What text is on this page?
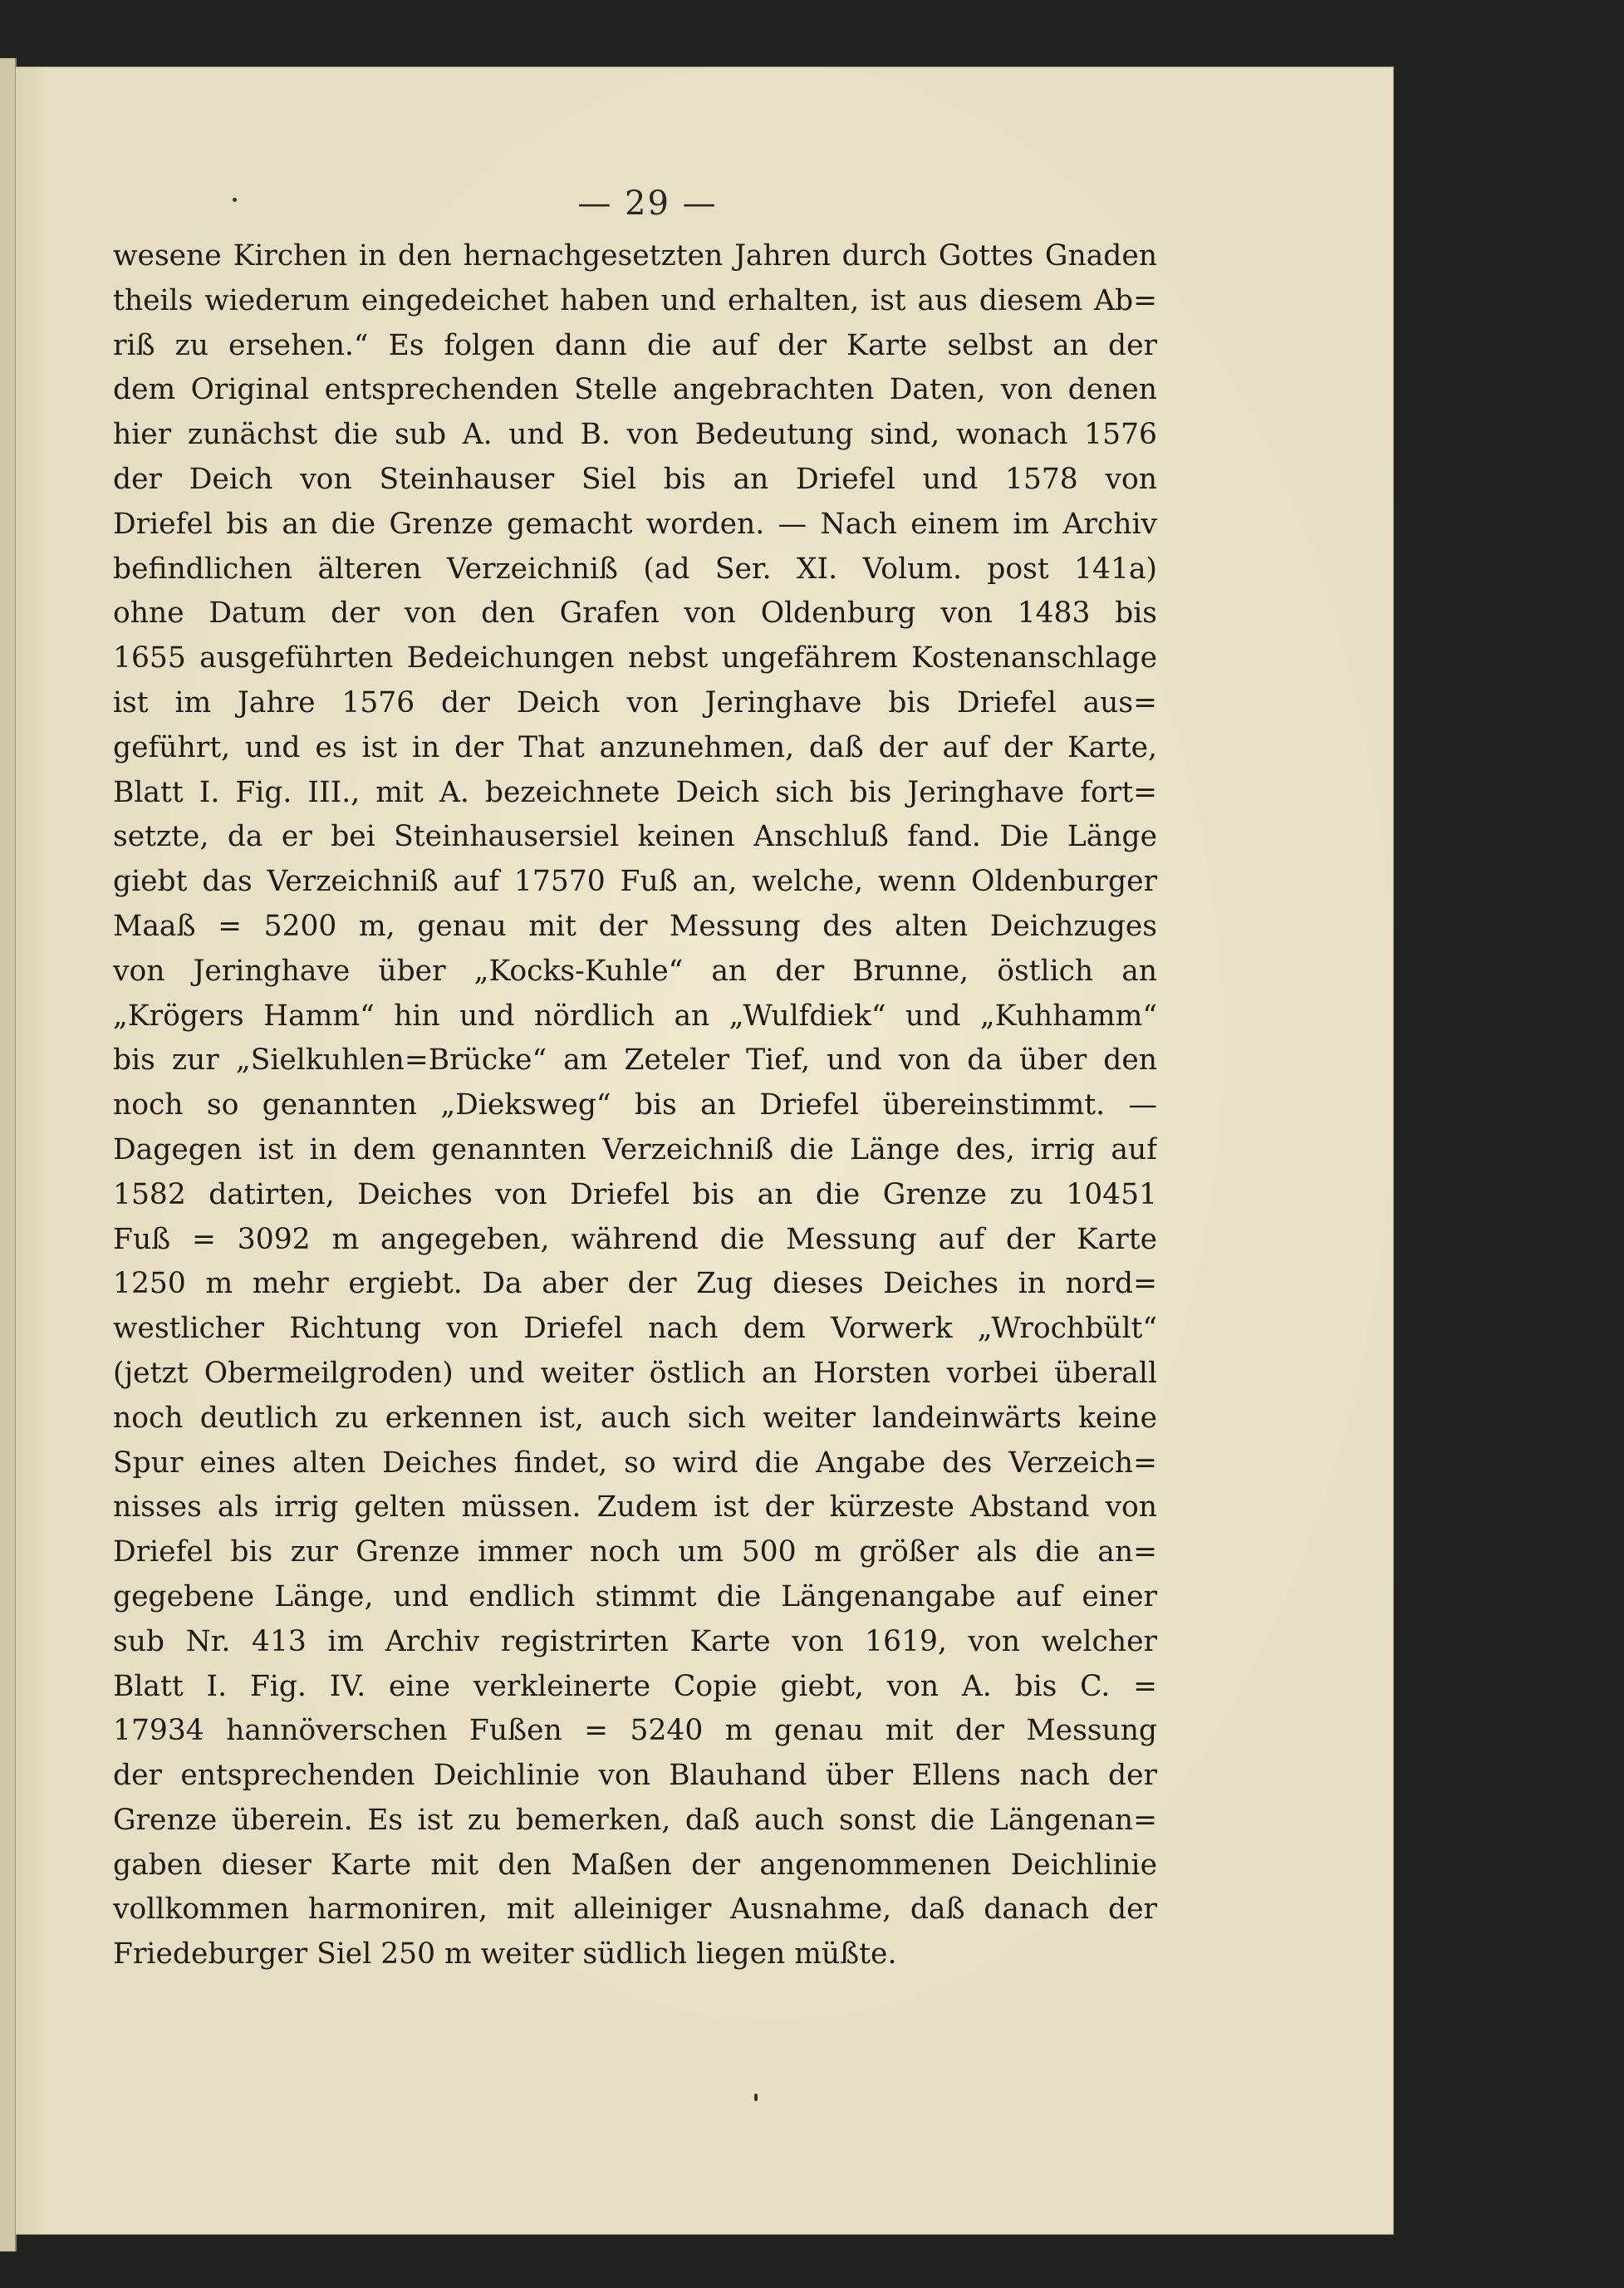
— 29 —
wesene Kirchen in den hernachgesetzten Jahren durch Gottes Gnaden
theils wiederum eingedeichet haben und erhalten, ist aus diesem Ab=
riß zu ersehen.“ Es folgen dann die auf der Karte selbst an der
dem Original entsprechenden Stelle angebrachten Daten, von denen
hier zunächst die sub A. und B. von Bedeutung sind, wonach 1576
der Deich von Steinhauser Siel bis an Driefel und 1578 von
Driefel bis an die Grenze gemacht worden. — Nach einem im Archiv
befindlichen älteren Verzeichniß (ad Ser. XI. Volum. post 141a)
ohne Datum der von den Grafen von Oldenburg von 1483 bis
1655 ausgeführten Bedeichungen nebst ungefährem Kostenanschlage
ist im Jahre 1576 der Deich von Jeringhave bis Driefel aus=
geführt, und es ist in der That anzunehmen, daß der auf der Karte,
Blatt I. Fig. III., mit A. bezeichnete Deich sich bis Jeringhave fort=
setzte, da er bei Steinhausersiel keinen Anschluß fand. Die Länge
giebt das Verzeichniß auf 17570 Fuß an, welche, wenn Oldenburger
Maaß = 5200 m, genau mit der Messung des alten Deichzuges
von Jeringhave über „Kocks-Kuhle“ an der Brunne, östlich an
„Krögers Hamm“ hin und nördlich an „Wulfdiek“ und „Kuhhamm“
bis zur „Sielkuhlen=Brücke“ am Zeteler Tief, und von da über den
noch so genannten „Dieksweg“ bis an Driefel übereinstimmt. —
Dagegen ist in dem genannten Verzeichniß die Länge des, irrig auf
1582 datirten, Deiches von Driefel bis an die Grenze zu 10451
Fuß = 3092 m angegeben, während die Messung auf der Karte
1250 m mehr ergiebt. Da aber der Zug dieses Deiches in nord=
westlicher Richtung von Driefel nach dem Vorwerk „Wrochbült“
(jetzt Obermeilgroden) und weiter östlich an Horsten vorbei überall
noch deutlich zu erkennen ist, auch sich weiter landeinwärts keine
Spur eines alten Deiches findet, so wird die Angabe des Verzeich=
nisses als irrig gelten müssen. Zudem ist der kürzeste Abstand von
Driefel bis zur Grenze immer noch um 500 m größer als die an=
gegebene Länge, und endlich stimmt die Längenangabe auf einer
sub Nr. 413 im Archiv registrirten Karte von 1619, von welcher
Blatt I. Fig. IV. eine verkleinerte Copie giebt, von A. bis C. =
17934 hannöverschen Fußen = 5240 m genau mit der Messung
der entsprechenden Deichlinie von Blauhand über Ellens nach der
Grenze überein. Es ist zu bemerken, daß auch sonst die Längenan=
gaben dieser Karte mit den Maßen der angenommenen Deichlinie
vollkommen harmoniren, mit alleiniger Ausnahme, daß danach der
Friedeburger Siel 250 m weiter südlich liegen müßte.
